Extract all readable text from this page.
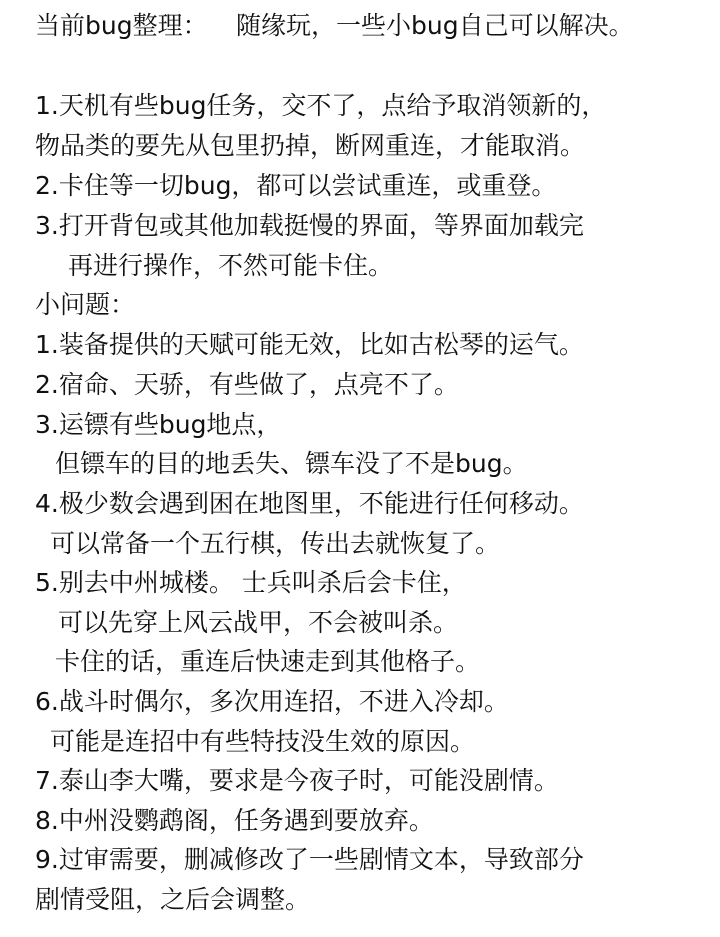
当前bug整理： 随缘玩，一些小bug自己可以解决。
1.天机有些bug任务，交不了，点给予取消领新的，
物品类的要先从包里扔掉，断网重连，才能取消。
2.卡住等一切bug，都可以尝试重连，或重登。
3.打开背包或其他加载挺慢的界面，等界面加载完
再进行操作，不然可能卡住。
小问题：
1.装备提供的天赋可能无效，比如古松琴的运气。
2.宿命、天骄，有些做了，点亮不了。
3.运镖有些bug地点，
但镖车的目的地丢失、镖车没了不是bug。
4.极少数会遇到困在地图里，不能进行任何移动。
可以常备一个五行棋，传出去就恢复了。
5.别去中州城楼。 士兵叫杀后会卡住，
可以先穿上风云战甲，不会被叫杀。
卡住的话，重连后快速走到其他格子。
6.战斗时偶尔，多次用连招，不进入冷却。
可能是连招中有些特技没生效的原因。
7.泰山李大嘴，要求是今夜子时，可能没剧情。
8.中州没鹦鹉阁，任务遇到要放弃。
9.过审需要，删减修改了一些剧情文本，导致部分
剧情受阻，之后会调整。
